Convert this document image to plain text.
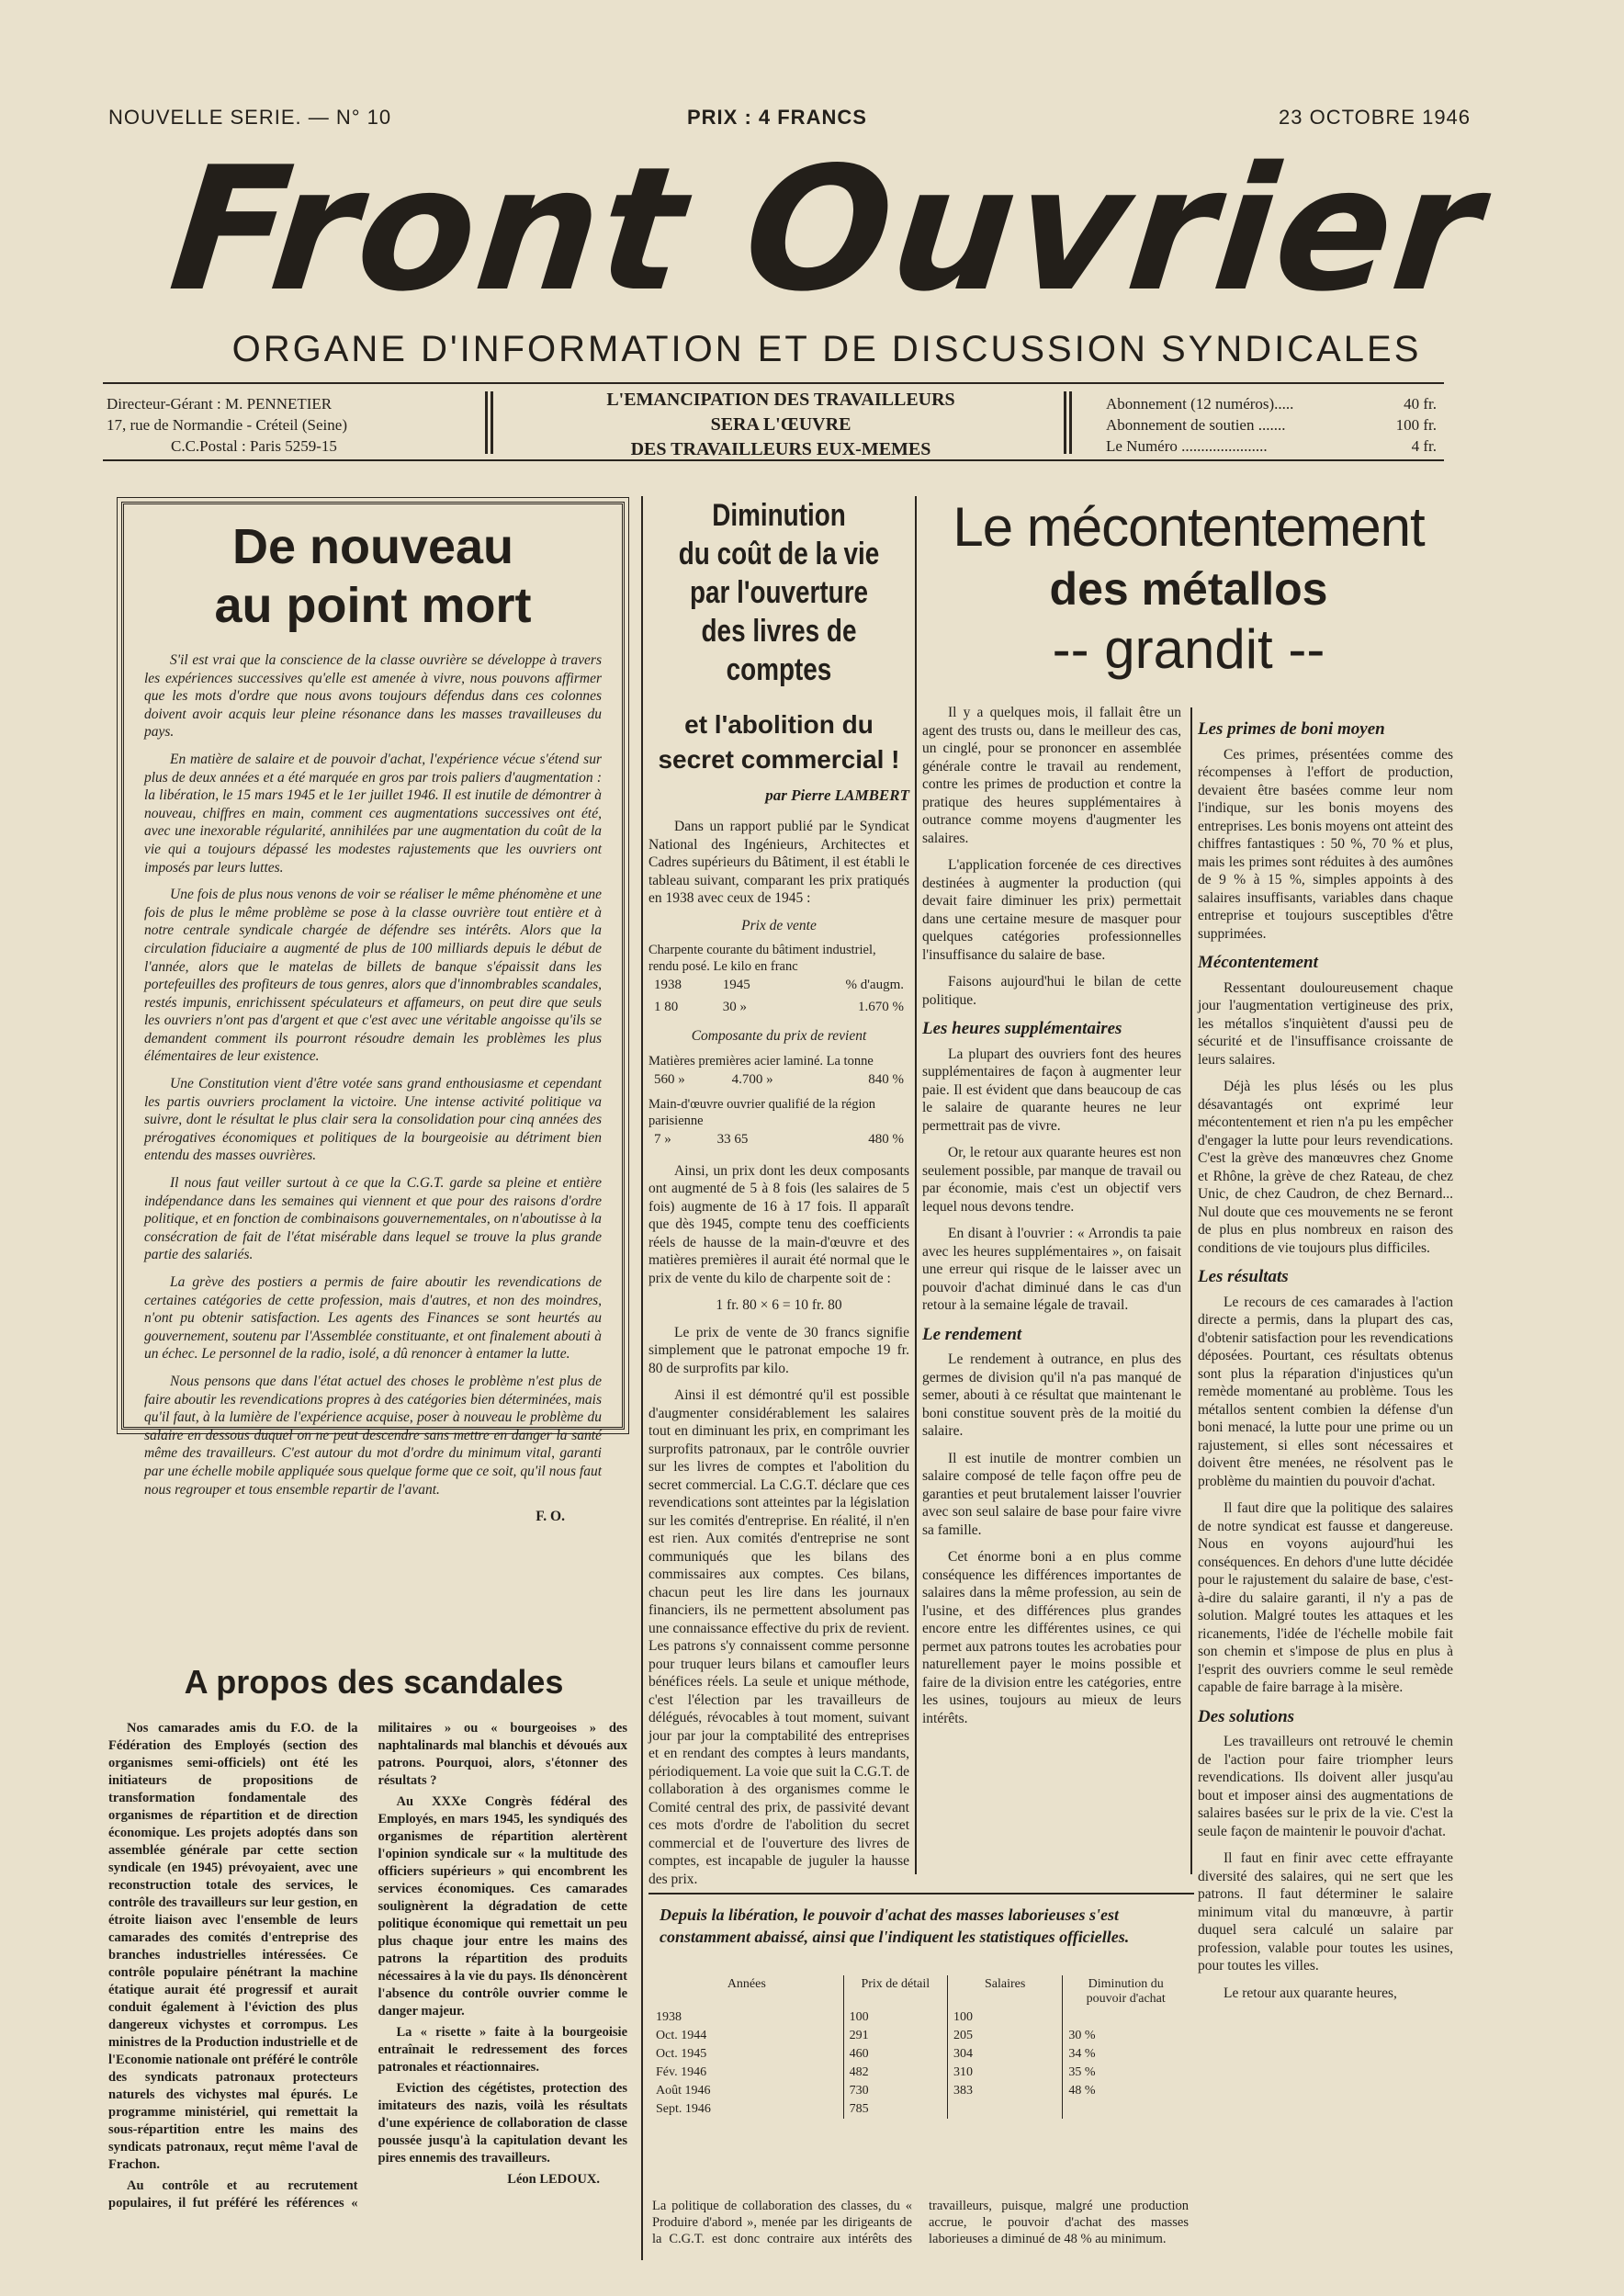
NOUVELLE SERIE. — N° 10	PRIX : 4 FRANCS	23 OCTOBRE 1946
Front Ouvrier
ORGANE D'INFORMATION ET DE DISCUSSION SYNDICALES
Directeur-Gérant : M. PENNETIER
17, rue de Normandie - Créteil (Seine)
C.C.Postal : Paris 5259-15
L'EMANCIPATION DES TRAVAILLEURS
SERA L'ŒUVRE
DES TRAVAILLEURS EUX-MEMES
Abonnement (12 numéros).....	40 fr.
Abonnement de soutien .......	100 fr.
Le Numéro ......................	4 fr.
De nouveau
au point mort

S'il est vrai que la conscience de la classe ouvrière se développe à travers les expériences successives qu'elle est amenée à vivre, nous pouvons affirmer que les mots d'ordre que nous avons toujours défendus dans ces colonnes doivent avoir acquis leur pleine résonance dans les masses travailleuses du pays.

En matière de salaire et de pouvoir d'achat, l'expérience vécue s'étend sur plus de deux années et a été marquée en gros par trois paliers d'augmentation : la libération, le 15 mars 1945 et le 1er juillet 1946. Il est inutile de démontrer à nouveau, chiffres en main, comment ces augmentations successives ont été, avec une inexorable régularité, annihilées par une augmentation du coût de la vie qui a toujours dépassé les modestes rajustements que les ouvriers ont imposés par leurs luttes.

Une fois de plus nous venons de voir se réaliser le même phénomène et une fois de plus le même problème se pose à la classe ouvrière tout entière et à notre centrale syndicale chargée de défendre ses intérêts. Alors que la circulation fiduciaire a augmenté de plus de 100 milliards depuis le début de l'année, alors que le matelas de billets de banque s'épaissit dans les portefeuilles des profiteurs de tous genres, alors que d'innombrables scandales, restés impunis, enrichissent spéculateurs et affameurs, on peut dire que seuls les ouvriers n'ont pas d'argent et que c'est avec une véritable angoisse qu'ils se demandent comment ils pourront résoudre demain les problèmes les plus élémentaires de leur existence.

Une Constitution vient d'être votée sans grand enthousiasme et cependant les partis ouvriers proclament la victoire. Une intense activité politique va suivre, dont le résultat le plus clair sera la consolidation pour cinq années des prérogatives économiques et politiques de la bourgeoisie au détriment bien entendu des masses ouvrières.

Il nous faut veiller surtout à ce que la C.G.T. garde sa pleine et entière indépendance dans les semaines qui viennent et que pour des raisons d'ordre politique, et en fonction de combinaisons gouvernementales, on n'aboutisse à la consécration de fait de l'état misérable dans lequel se trouve la plus grande partie des salariés.

La grève des postiers a permis de faire aboutir les revendications de certaines catégories de cette profession, mais d'autres, et non des moindres, n'ont pu obtenir satisfaction. Les agents des Finances se sont heurtés au gouvernement, soutenu par l'Assemblée constituante, et ont finalement abouti à un échec. Le personnel de la radio, isolé, a dû renoncer à entamer la lutte.

Nous pensons que dans l'état actuel des choses le problème n'est plus de faire aboutir les revendications propres à des catégories bien déterminées, mais qu'il faut, à la lumière de l'expérience acquise, poser à nouveau le problème du salaire en dessous duquel on ne peut descendre sans mettre en danger la santé même des travailleurs. C'est autour du mot d'ordre du minimum vital, garanti par une échelle mobile appliquée sous quelque forme que ce soit, qu'il nous faut nous regrouper et tous ensemble repartir de l'avant.

F. O.
A propos des scandales

Nos camarades amis du F.O. de la Fédération des Employés (section des organismes semi-officiels) ont été les initiateurs de propositions de transformation fondamentale des organismes de répartition et de direction économique. Les projets adoptés dans son assemblée générale par cette section syndicale (en 1945) prévoyaient, avec une reconstruction totale des services, le contrôle des travailleurs sur leur gestion, en étroite liaison avec l'ensemble de leurs camarades des comités d'entreprise des branches industrielles intéressées. Ce contrôle populaire pénétrant la machine étatique aurait été progressif et aurait conduit également à l'éviction des plus dangereux vichystes et corrompus. Les ministres de la Production industrielle et de l'Economie nationale ont préféré le contrôle des syndicats patronaux protecteurs naturels des vichystes mal épurés. Le programme ministériel, qui remettait la sous-répartition entre les mains des syndicats patronaux, reçut même l'aval de Frachon.

Au contrôle et au recrutement populaires, il fut préféré les références « militaires » ou « bourgeoises » des naphtalinards mal blanchis et dévoués aux patrons. Pourquoi, alors, s'étonner des résultats ?

Au XXXe Congrès fédéral des Employés, en mars 1945, les syndiqués des organismes de répartition alertèrent l'opinion syndicale sur « la multitude des officiers supérieurs » qui encombrent les services économiques. Ces camarades soulignèrent la dégradation de cette politique économique qui remettait un peu plus chaque jour entre les mains des patrons la répartition des produits nécessaires à la vie du pays. Ils dénoncèrent l'absence du contrôle ouvrier comme le danger majeur.

La « risette » faite à la bourgeoisie entraînait le redressement des forces patronales et réactionnaires.

Eviction des cégétistes, protection des imitateurs des nazis, voilà les résultats d'une expérience de collaboration de classe poussée jusqu'à la capitulation devant les pires ennemis des travailleurs.

Léon LEDOUX.
Diminution
du coût de la vie
par l'ouverture
des livres de comptes
et l'abolition du
secret commercial !
par Pierre LAMBERT

Dans un rapport publié par le Syndicat National des Ingénieurs, Architectes et Cadres supérieurs du Bâtiment, il est établi le tableau suivant, comparant les prix pratiqués en 1938 avec ceux de 1945 :

Prix de vente
Charpente courante du bâtiment industriel, rendu posé. Le kilo en franc
1938	1945	% d'augm.
1 80	30 »	1.670 %
Composante du prix de revient
Matières premières acier laminé. La tonne
560 »	4.700 »	840 %
Main-d'œuvre ouvrier qualifié de la région parisienne
7 »	33 65	480 %

Ainsi, un prix dont les deux composants ont augmenté de 5 à 8 fois (les salaires de 5 fois) augmente de 16 à 17 fois. Il apparaît que dès 1945, compte tenu des coefficients réels de hausse de la main-d'œuvre et des matières premières il aurait été normal que le prix de vente du kilo de charpente soit de :

1 fr. 80 × 6 = 10 fr. 80

Le prix de vente de 30 francs signifie simplement que le patronat empoche 19 fr. 80 de surprofits par kilo.

Ainsi il est démontré qu'il est possible d'augmenter considérablement les salaires tout en diminuant les prix, en comprimant les surprofits patronaux, par le contrôle ouvrier sur les livres de comptes et l'abolition du secret commercial. La C.G.T. déclare que ces revendications sont atteintes par la législation sur les comités d'entreprise. En réalité, il n'en est rien. Aux comités d'entreprise ne sont communiqués que les bilans des commissaires aux comptes. Ces bilans, chacun peut les lire dans les journaux financiers, ils ne permettent absolument pas une connaissance effective du prix de revient. Les patrons s'y connaissent comme personne pour truquer leurs bilans et camoufler leurs bénéfices réels. La seule et unique méthode, c'est l'élection par les travailleurs de délégués, révocables à tout moment, suivant jour par jour la comptabilité des entreprises et en rendant des comptes à leurs mandants, périodiquement. La voie que suit la C.G.T. de collaboration à des organismes comme le Comité central des prix, de passivité devant ces mots d'ordre de l'abolition du secret commercial et de l'ouverture des livres de comptes, est incapable de juguler la hausse des prix.

Le mécontentement
des métallos
-- grandit --

Il y a quelques mois, il fallait être un agent des trusts ou, dans le meilleur des cas, un cinglé, pour se prononcer en assemblée générale contre le travail au rendement, contre les primes de production et contre la pratique des heures supplémentaires à outrance comme moyens d'augmenter les salaires.

L'application forcenée de ces directives destinées à augmenter la production (qui devait faire diminuer les prix) permettait dans une certaine mesure de masquer pour quelques catégories professionnelles l'insuffisance du salaire de base.

Faisons aujourd'hui le bilan de cette politique.

Les heures supplémentaires

La plupart des ouvriers font des heures supplémentaires de façon à augmenter leur paie. Il est évident que dans beaucoup de cas le salaire de quarante heures ne leur permettrait pas de vivre.

Or, le retour aux quarante heures est non seulement possible, par manque de travail ou par économie, mais c'est un objectif vers lequel nous devons tendre.

En disant à l'ouvrier : « Arrondis ta paie avec les heures supplémentaires », on faisait une erreur qui risque de le laisser avec un pouvoir d'achat diminué dans le cas d'un retour à la semaine légale de travail.

Le rendement

Le rendement à outrance, en plus des germes de division qu'il n'a pas manqué de semer, abouti à ce résultat que maintenant le boni constitue souvent près de la moitié du salaire.

Il est inutile de montrer combien un salaire composé de telle façon offre peu de garanties et peut brutalement laisser l'ouvrier avec son seul salaire de base pour faire vivre sa famille.

Cet énorme boni a en plus comme conséquence les différences importantes de salaires dans la même profession, au sein de l'usine, et des différences plus grandes encore entre les différentes usines, ce qui permet aux patrons toutes les acrobaties pour naturellement payer le moins possible et faire de la division entre les catégories, entre les usines, toujours au mieux de leurs intérêts.

Les primes de boni moyen

Ces primes, présentées comme des récompenses à l'effort de production, devaient être basées comme leur nom l'indique, sur les bonis moyens des entreprises. Les bonis moyens ont atteint des chiffres fantastiques : 50 %, 70 % et plus, mais les primes sont réduites à des aumônes de 9 % à 15 %, simples appoints à des salaires insuffisants, variables dans chaque entreprise et toujours susceptibles d'être supprimées.

Mécontentement

Ressentant douloureusement chaque jour l'augmentation vertigineuse des prix, les métallos s'inquiètent d'aussi peu de sécurité et de l'insuffisance croissante de leurs salaires.

Déjà les plus lésés ou les plus désavantagés ont exprimé leur mécontentement et rien n'a pu les empêcher d'engager la lutte pour leurs revendications. C'est la grève des manœuvres chez Gnome et Rhône, la grève de chez Rateau, de chez Unic, de chez Caudron, de chez Bernard... Nul doute que ces mouvements ne se feront de plus en plus nombreux en raison des conditions de vie toujours plus difficiles.

Les résultats

Le recours de ces camarades à l'action directe a permis, dans la plupart des cas, d'obtenir satisfaction pour les revendications déposées. Pourtant, ces résultats obtenus sont plus la réparation d'injustices qu'un remède momentané au problème. Tous les métallos sentent combien la défense d'un boni menacé, la lutte pour une prime ou un rajustement, si elles sont nécessaires et doivent être menées, ne résolvent pas le problème du maintien du pouvoir d'achat.

Il faut dire que la politique des salaires de notre syndicat est fausse et dangereuse. Nous en voyons aujourd'hui les conséquences. En dehors d'une lutte décidée pour le rajustement du salaire de base, c'est-à-dire du salaire garanti, il n'y a pas de solution. Malgré toutes les attaques et les ricanements, l'idée de l'échelle mobile fait son chemin et s'impose de plus en plus à l'esprit des ouvriers comme le seul remède capable de faire barrage à la misère.

Des solutions

Les travailleurs ont retrouvé le chemin de l'action pour faire triompher leurs revendications. Ils doivent aller jusqu'au bout et imposer ainsi des augmentations de salaires basées sur le prix de la vie. C'est la seule façon de maintenir le pouvoir d'achat.

Il faut en finir avec cette effrayante diversité des salaires, qui ne sert que les patrons. Il faut déterminer le salaire minimum vital du manœuvre, à partir duquel sera calculé un salaire par profession, valable pour toutes les usines, pour toutes les villes.

Le retour aux quarante heures,

Depuis la libération, le pouvoir d'achat des masses laborieuses s'est constamment abaissé, ainsi que l'indiquent les statistiques officielles.
Années	Prix de détail	Salaires	Diminution du pouvoir d'achat
1938	100	100	
Oct. 1944	291	205	30 %
Oct. 1945	460	304	34 %
Fév. 1946	482	310	35 %
Août 1946	730	383	48 %
Sept. 1946	785		
La politique de collaboration des classes, du « Produire d'abord », menée par les dirigeants de la C.G.T. est donc contraire aux intérêts des travailleurs, puisque, malgré une production accrue, le pouvoir d'achat des masses laborieuses a diminué de 48 % au minimum.
